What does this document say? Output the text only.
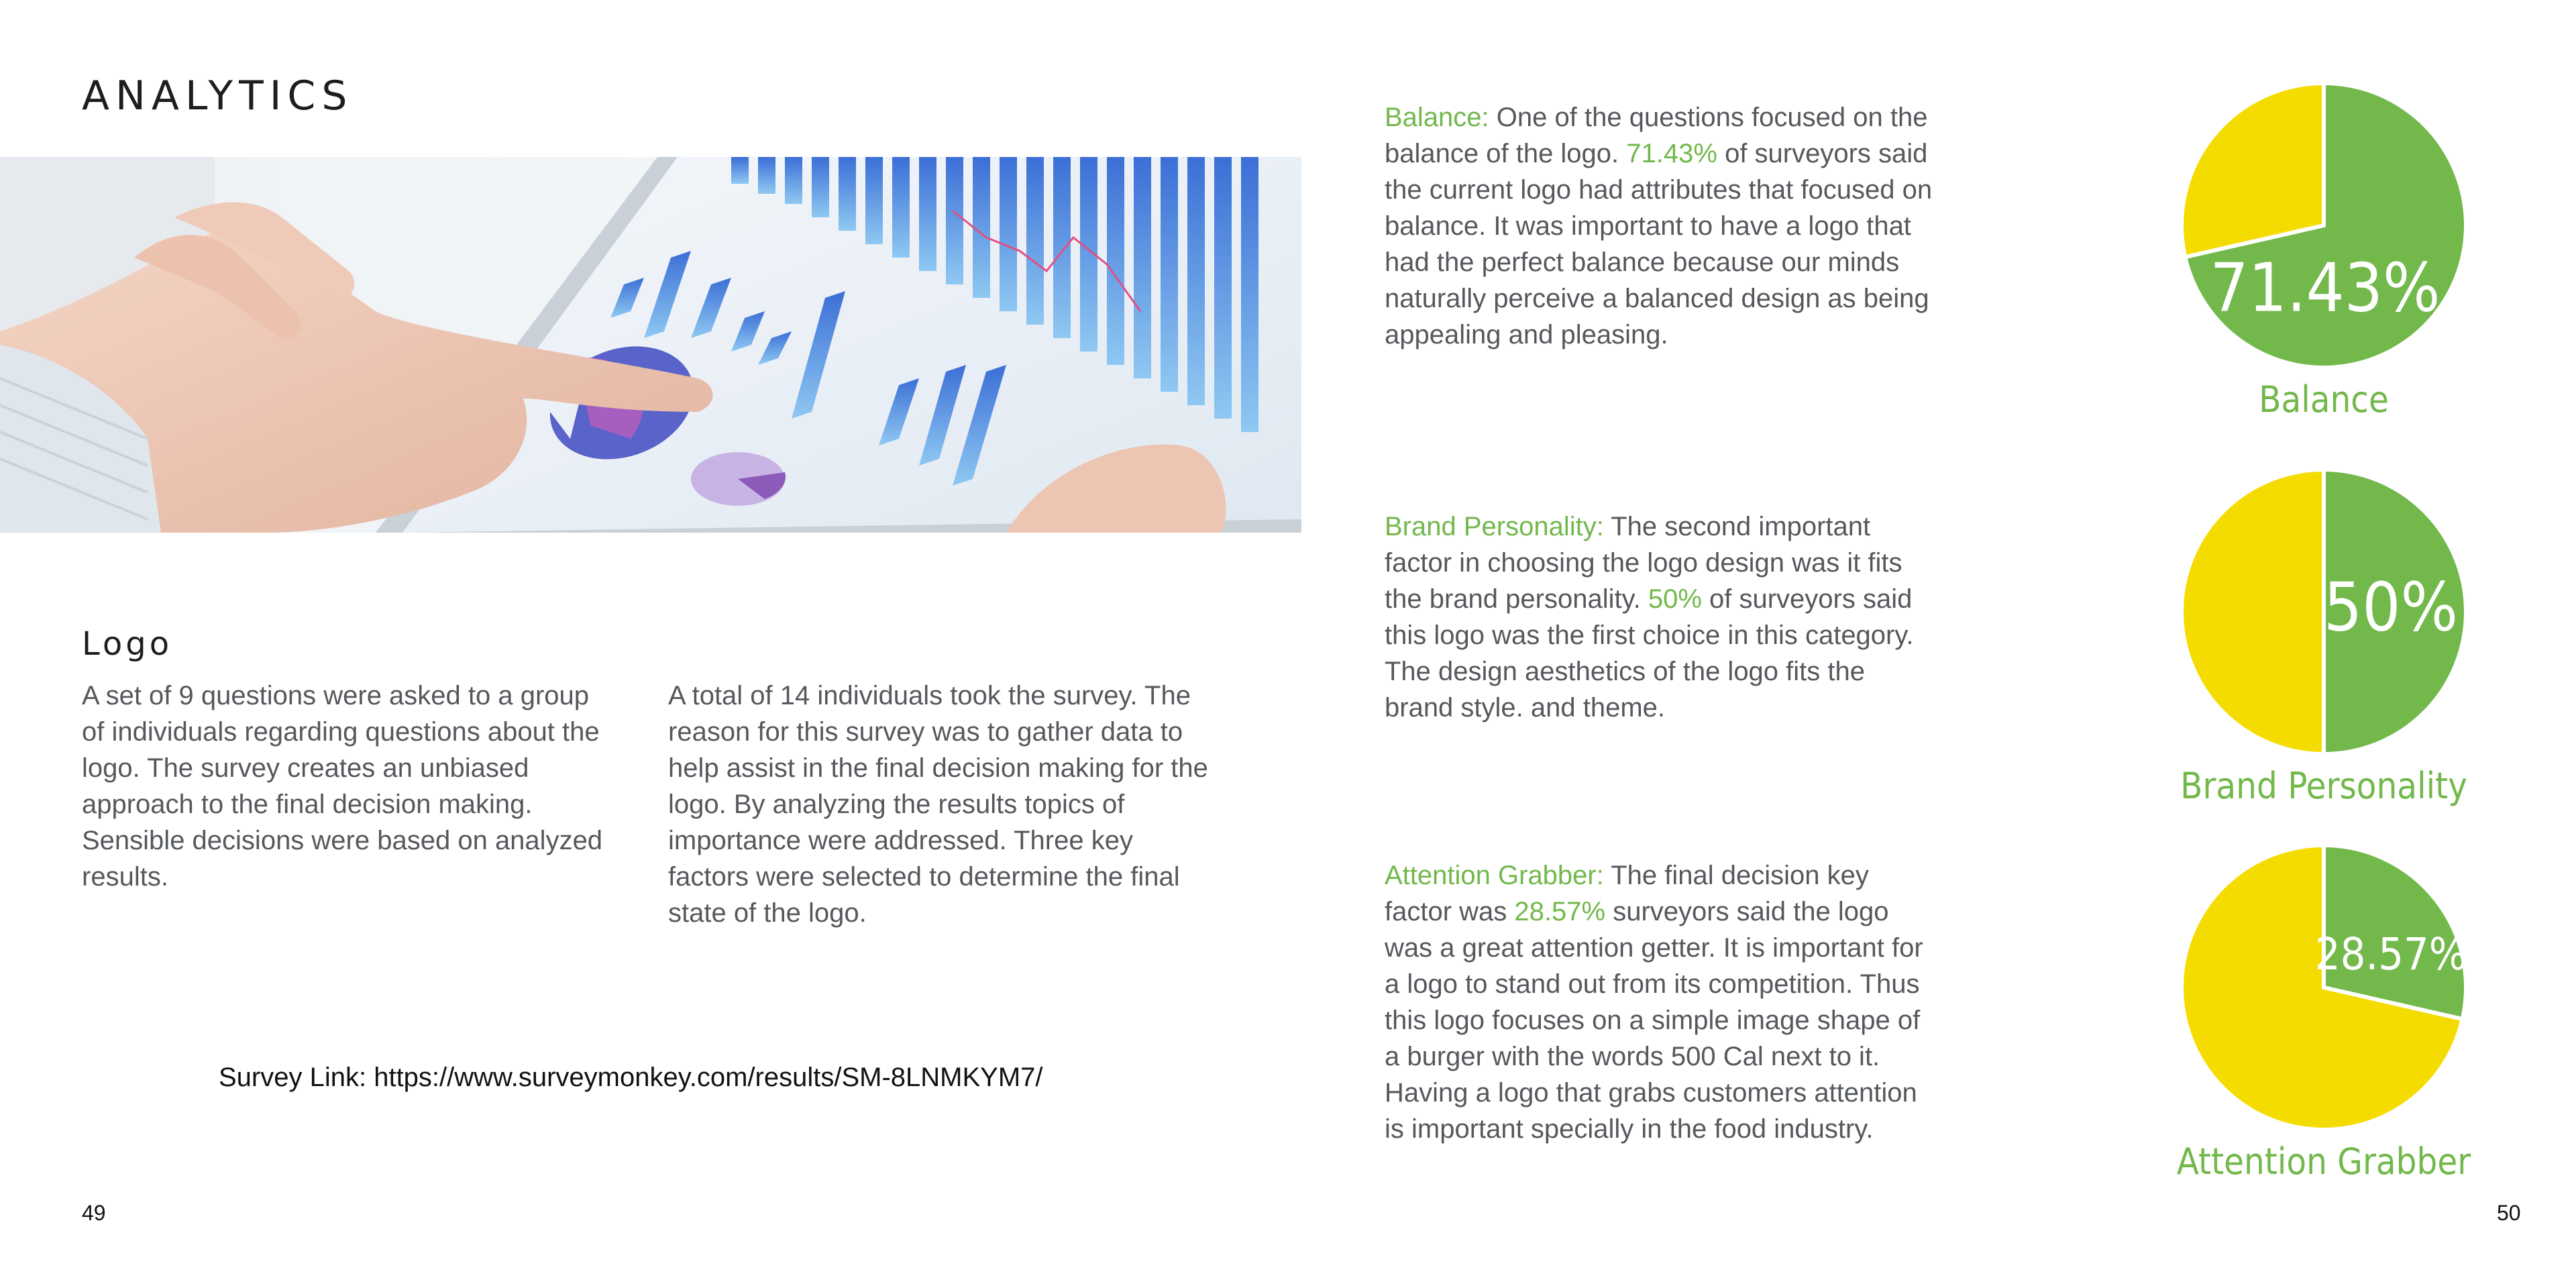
ANALYTICS
Logo

A set of 9 questions were asked to a group of individuals regarding questions about the logo. The survey creates an unbiased approach to the final decision making. Sensible decisions were based on analyzed results.

A total of 14 individuals took the survey. The reason for this survey was to gather data to help assist in the final decision making for the logo. By analyzing the results topics of importance were addressed. Three key factors were selected to determine the final state of the logo.

Survey Link: https://www.surveymonkey.com/results/SM-8LNMKYM7/

49

Balance: One of the questions focused on the balance of the logo. 71.43% of surveyors said the current logo had attributes that focused on balance. It was important to have a logo that had the perfect balance because our minds naturally perceive a balanced design as being appealing and pleasing.

Brand Personality: The second important factor in choosing the logo design was it fits the brand personality. 50% of surveyors said this logo was the first choice in this category. The design aesthetics of the logo fits the brand style. and theme.

Attention Grabber: The final decision key factor was 28.57% surveyors said the logo was a great attention getter. It is important for a logo to stand out from its competition. Thus this logo focuses on a simple image shape of a burger with the words 500 Cal next to it. Having a logo that grabs customers attention is important specially in the food industry.

71.43%
Balance
50%
Brand Personality
28.57%
Attention Grabber
50
